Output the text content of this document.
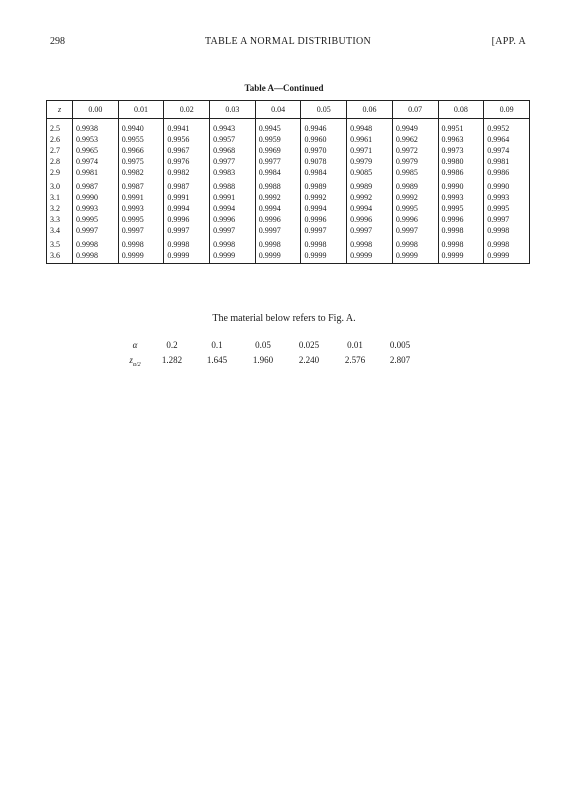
298	TABLE A NORMAL DISTRIBUTION	[APP. A
Table A—Continued
z	0.00	0.01	0.02	0.03	0.04	0.05	0.06	0.07	0.08	0.09

2.5	0.9938	0.9940	0.9941	0.9943	0.9945	0.9946	0.9948	0.9949	0.9951	0.9952
2.6	0.9953	0.9955	0.9956	0.9957	0.9959	0.9960	0.9961	0.9962	0.9963	0.9964
2.7	0.9965	0.9966	0.9967	0.9968	0.9969	0.9970	0.9971	0.9972	0.9973	0.9974
2.8	0.9974	0.9975	0.9976	0.9977	0.9977	0.9078	0.9979	0.9979	0.9980	0.9981
2.9	0.9981	0.9982	0.9982	0.9983	0.9984	0.9984	0.9085	0.9985	0.9986	0.9986
3.0	0.9987	0.9987	0.9987	0.9988	0.9988	0.9989	0.9989	0.9989	0.9990	0.9990
3.1	0.9990	0.9991	0.9991	0.9991	0.9992	0.9992	0.9992	0.9992	0.9993	0.9993
3.2	0.9993	0.9993	0.9994	0.9994	0.9994	0.9994	0.9994	0.9995	0.9995	0.9995
3.3	0.9995	0.9995	0.9996	0.9996	0.9996	0.9996	0.9996	0.9996	0.9996	0.9997
3.4	0.9997	0.9997	0.9997	0.9997	0.9997	0.9997	0.9997	0.9997	0.9998	0.9998
3.5	0.9998	0.9998	0.9998	0.9998	0.9998	0.9998	0.9998	0.9998	0.9998	0.9998
3.6	0.9998	0.9999	0.9999	0.9999	0.9999	0.9999	0.9999	0.9999	0.9999	0.9999
The material below refers to Fig. A.
α	0.2	0.1	0.05	0.025	0.01	0.005
$z_{\alpha/2}$	1.282	1.645	1.960	2.240	2.576	2.807
